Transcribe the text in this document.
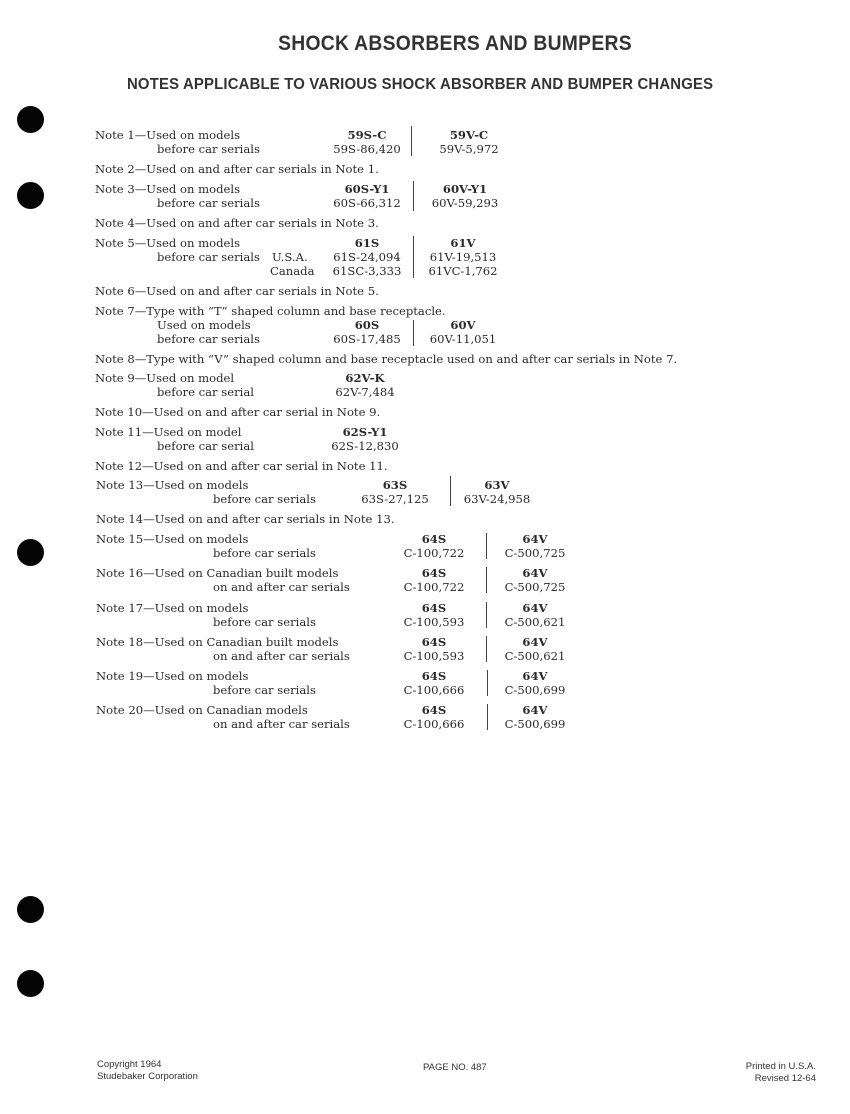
SHOCK ABSORBERS AND BUMPERS
NOTES APPLICABLE TO VARIOUS SHOCK ABSORBER AND BUMPER CHANGES
Note 1—Used on models
before car serials
59S-C
59S-86,420
59V-C
59V-5,972
Note 2—Used on and after car serials in Note 1.
Note 3—Used on models
before car serials
60S-Y1
60S-66,312
60V-Y1
60V-59,293
Note 4—Used on and after car serials in Note 3.
Note 5—Used on models
before car serials U.S.A.
Canada
61S
61S-24,094
61SC-3,333
61V
61V-19,513
61VC-1,762
Note 6—Used on and after car serials in Note 5.
Note 7—Type with “T” shaped column and base receptacle.
Used on models
before car serials
60S
60S-17,485
60V
60V-11,051
Note 8—Type with “V” shaped column and base receptacle used on and after car serials in Note 7.
Note 9—Used on model
before car serial
62V-K
62V-7,484
Note 10—Used on and after car serial in Note 9.
Note 11—Used on model
before car serial
62S-Y1
62S-12,830
Note 12—Used on and after car serial in Note 11.
Note 13—Used on models
before car serials
63S
63S-27,125
63V
63V-24,958
Note 14—Used on and after car serials in Note 13.
Note 15—Used on models
before car serials
64S
C-100,722
64V
C-500,725
Note 16—Used on Canadian built models
on and after car serials
64S
C-100,722
64V
C-500,725
Note 17—Used on models
before car serials
64S
C-100,593
64V
C-500,621
Note 18—Used on Canadian built models
on and after car serials
64S
C-100,593
64V
C-500,621
Note 19—Used on models
before car serials
64S
C-100,666
64V
C-500,699
Note 20—Used on Canadian models
on and after car serials
64S
C-100,666
64V
C-500,699
Copyright 1964
Studebaker Corporation
PAGE NO. 487	Printed in U.S.A.
Revised 12-64
